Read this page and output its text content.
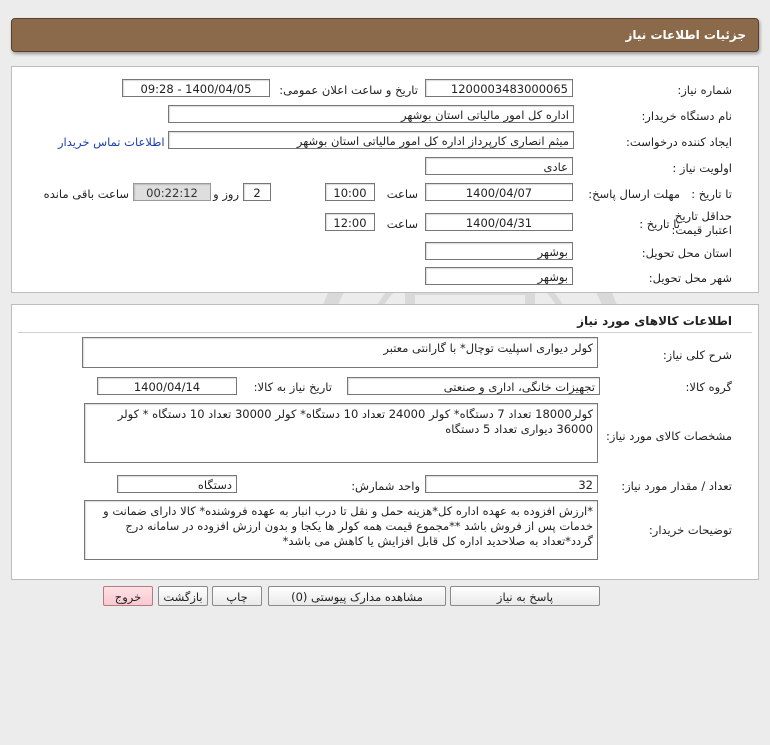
جزئیات اطلاعات نیاز
شماره نیاز:
1200003483000065
تاریخ و ساعت اعلان عمومی:
1400/04/05 - 09:28
نام دستگاه خریدار:
اداره کل امور مالیاتی استان بوشهر
ایجاد کننده درخواست:
میثم انصاری کارپرداز اداره کل امور مالیاتی استان بوشهر
اطلاعات تماس خریدار
اولویت نیاز :
عادی
مهلت ارسال پاسخ: تا تاریخ :
1400/04/07
ساعت
10:00
2
روز و
00:22:12
ساعت باقی مانده
حداقل تاریخ اعتبار قیمت:
تا تاریخ :
1400/04/31
ساعت
12:00
استان محل تحویل:
بوشهر
شهر محل تحویل:
بوشهر
اطلاعات کالاهای مورد نیاز
شرح کلی نیاز:
کولر دیواری اسپلیت توچال* با گارانتی معتبر
گروه کالا:
تجهیزات خانگی، اداری و صنعتی
تاریخ نیاز به کالا:
1400/04/14
مشخصات کالای مورد نیاز:
کولر18000 تعداد 7 دستگاه* کولر 24000 تعداد 10 دستگاه* کولر 30000 تعداد 10 دستگاه * کولر 36000 دیواری تعداد 5 دستگاه
تعداد / مقدار مورد نیاز:
32
واحد شمارش:
دستگاه
توضیحات خریدار:
*ارزش افزوده به عهده اداره کل*هزینه حمل و نقل تا درب انبار به عهده فروشنده* کالا دارای ضمانت و خدمات پس از فروش باشد **مجموع قیمت همه کولر ها یکجا و بدون ارزش افزوده در سامانه درج گردد*تعداد به صلاحدید اداره کل قابل افزایش یا کاهش می باشد*
پاسخ به نیاز
مشاهده مدارک پیوستی (0)
چاپ
بازگشت
خروج
